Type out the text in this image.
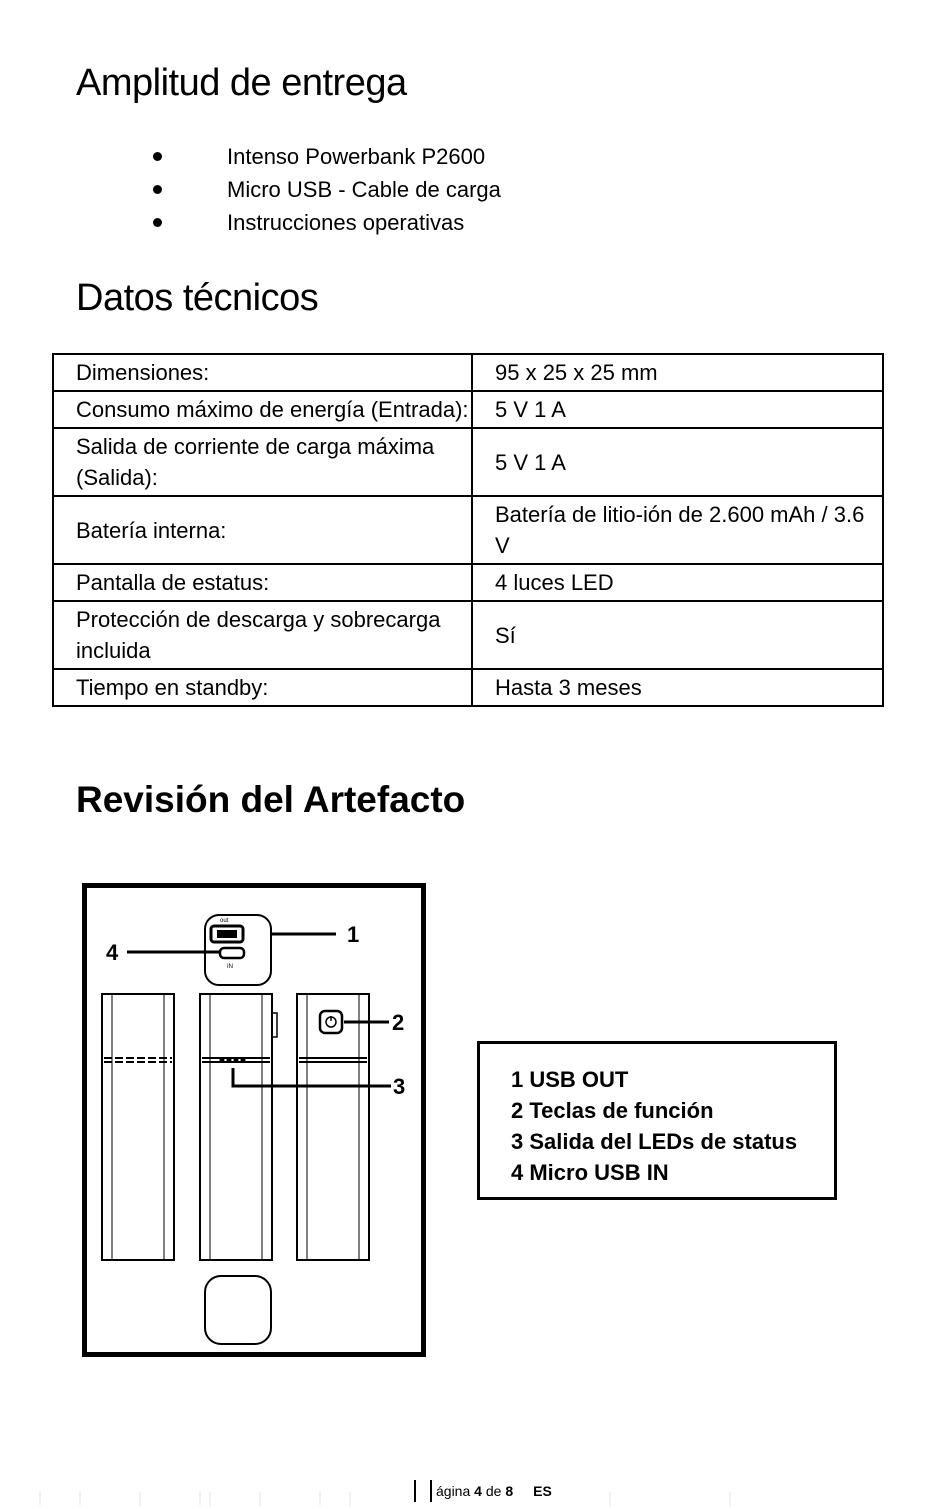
Amplitud de entrega
Intenso Powerbank P2600
Micro USB - Cable de carga
Instrucciones operativas
Datos técnicos
Dimensiones:	95 x 25 x 25 mm
Consumo máximo de energía (Entrada):	5 V 1 A
Salida de corriente de carga máxima (Salida):	5 V 1 A
Batería interna:	Batería de litio-ión de 2.600 mAh / 3.6 V
Pantalla de estatus:	4 luces LED
Protección de descarga y sobrecarga incluida	Sí
Tiempo en standby:	Hasta 3 meses
Revisión del Artefacto
1
2
3
4
out
IN
1 USB OUT
2 Teclas de función
3 Salida del LEDs de status
4 Micro USB IN
ágina
4
de
8 ES
